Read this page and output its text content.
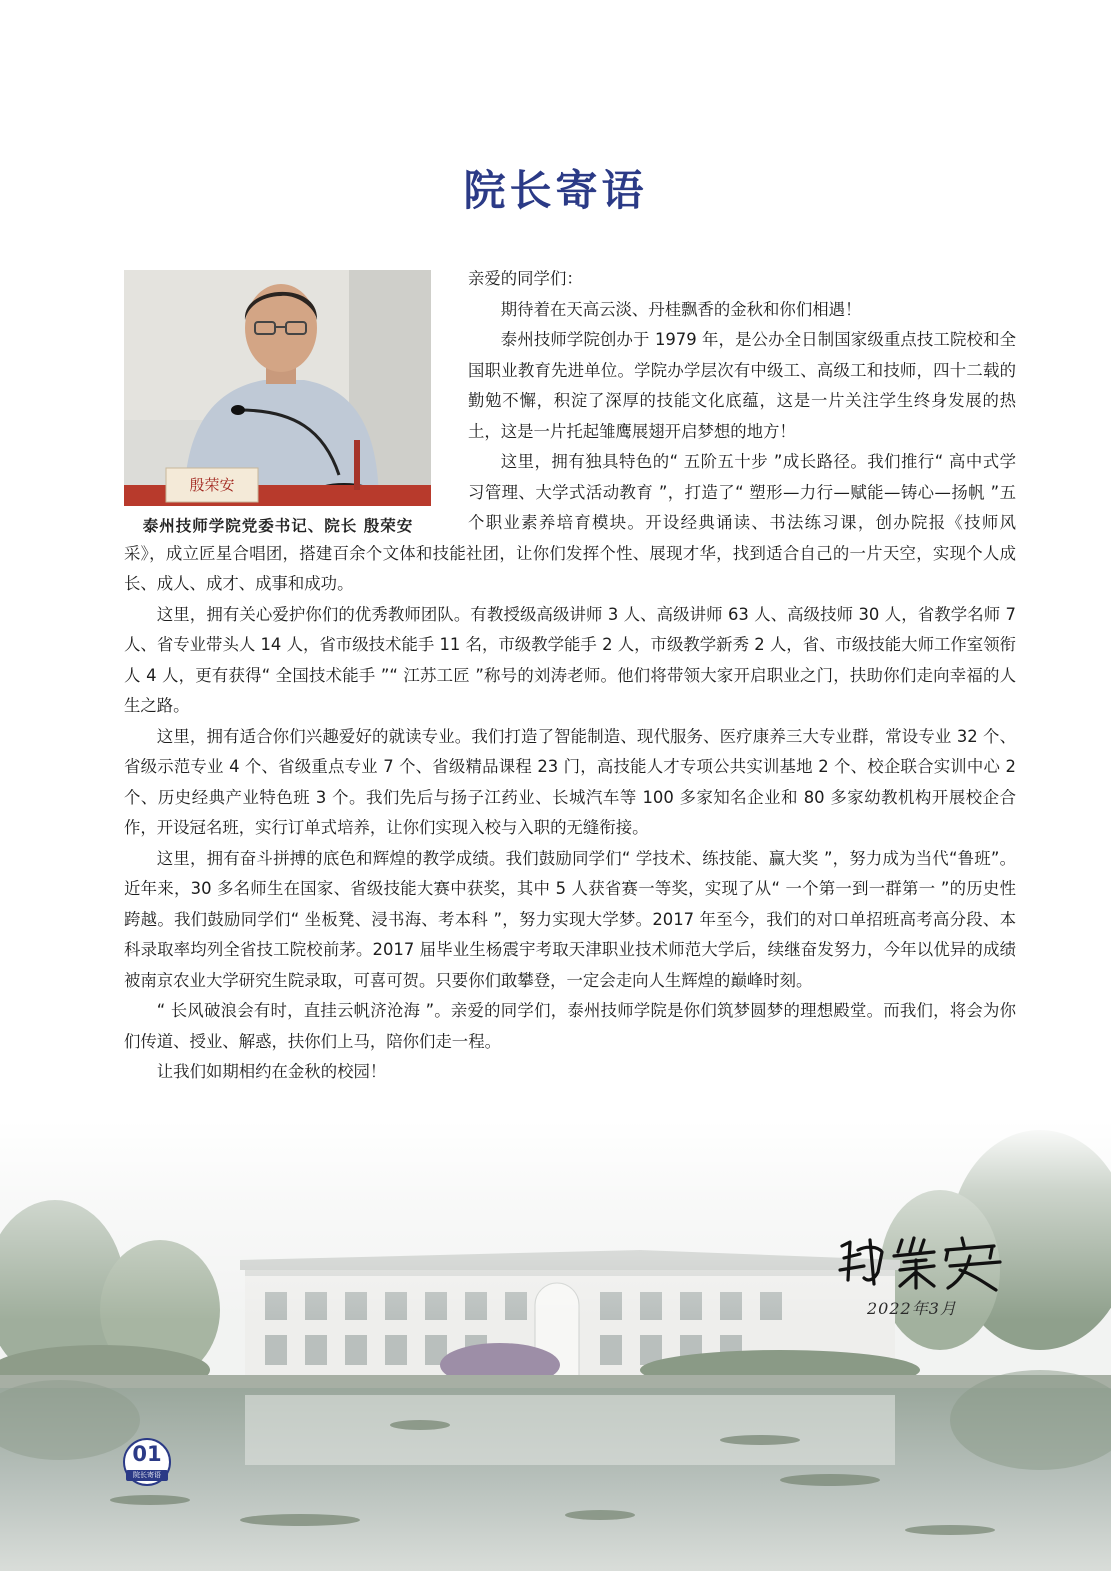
院长寄语
殷荣安
泰州技师学院党委书记、院长 殷荣安

亲爱的同学们：

期待着在天高云淡、丹桂飘香的金秋和你们相遇！

泰州技师学院创办于 1979 年，是公办全日制国家级重点技工院校和全国职业教育先进单位。学院办学层次有中级工、高级工和技师，四十二载的勤勉不懈，积淀了深厚的技能文化底蕴，这是一片关注学生终身发展的热土，这是一片托起雏鹰展翅开启梦想的地方！

这里，拥有独具特色的“ 五阶五十步 ”成长路径。我们推行“ 高中式学习管理、大学式活动教育 ”，打造了“ 塑形—力行—赋能—铸心—扬帆 ”五个职业素养培育模块。开设经典诵读、书法练习课，创办院报《技师风采》，成立匠星合唱团，搭建百余个文体和技能社团，让你们发挥个性、展现才华，找到适合自己的一片天空，实现个人成长、成人、成才、成事和成功。

这里，拥有关心爱护你们的优秀教师团队。有教授级高级讲师 3 人、高级讲师 63 人、高级技师 30 人，省教学名师 7 人、省专业带头人 14 人，省市级技术能手 11 名，市级教学能手 2 人，市级教学新秀 2 人，省、市级技能大师工作室领衔人 4 人，更有获得“ 全国技术能手 ”“ 江苏工匠 ”称号的刘涛老师。他们将带领大家开启职业之门，扶助你们走向幸福的人生之路。

这里，拥有适合你们兴趣爱好的就读专业。我们打造了智能制造、现代服务、医疗康养三大专业群，常设专业 32 个、省级示范专业 4 个、省级重点专业 7 个、省级精品课程 23 门，高技能人才专项公共实训基地 2 个、校企联合实训中心 2 个、历史经典产业特色班 3 个。我们先后与扬子江药业、长城汽车等 100 多家知名企业和 80 多家幼教机构开展校企合作，开设冠名班，实行订单式培养，让你们实现入校与入职的无缝衔接。

这里，拥有奋斗拼搏的底色和辉煌的教学成绩。我们鼓励同学们“ 学技术、练技能、赢大奖 ”，努力成为当代“鲁班”。近年来，30 多名师生在国家、省级技能大赛中获奖，其中 5 人获省赛一等奖，实现了从“ 一个第一到一群第一 ”的历史性跨越。我们鼓励同学们“ 坐板凳、浸书海、考本科 ”，努力实现大学梦。2017 年至今，我们的对口单招班高考高分段、本科录取率均列全省技工院校前茅。2017 届毕业生杨震宇考取天津职业技术师范大学后，续继奋发努力，今年以优异的成绩被南京农业大学研究生院录取，可喜可贺。只要你们敢攀登，一定会走向人生辉煌的巅峰时刻。

“ 长风破浪会有时，直挂云帆济沧海 ”。亲爱的同学们，泰州技师学院是你们筑梦圆梦的理想殿堂。而我们，将会为你们传道、授业、解惑，扶你们上马，陪你们走一程。

让我们如期相约在金秋的校园！

2022年3月
01
院长寄语
